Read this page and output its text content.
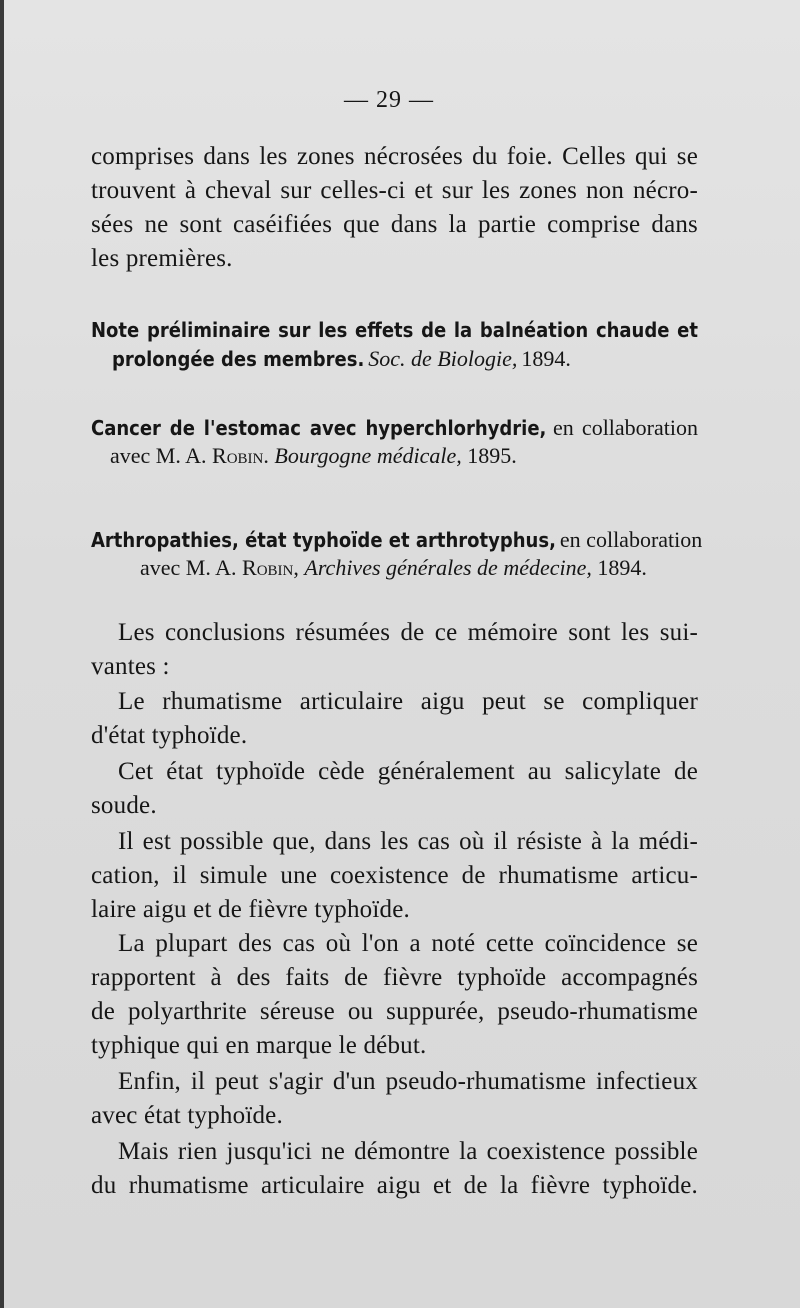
— 29 —

comprises dans les zones nécrosées du foie. Celles qui se

trouvent à cheval sur celles-ci et sur les zones non nécro-

sées ne sont caséifiées que dans la partie comprise dans

les premières.

Note préliminaire sur les effets de la balnéation chaude et

prolongée des membres. Soc. de Biologie, 1894.

Cancer de l'estomac avec hyperchlorhydrie, en collaboration

avec M. A. Robin. Bourgogne médicale, 1895.

Arthropathies, état typhoïde et arthrotyphus, en collaboration

avec M. A. Robin, Archives générales de médecine, 1894.

Les conclusions résumées de ce mémoire sont les sui-

vantes :

Le rhumatisme articulaire aigu peut se compliquer

d'état typhoïde.

Cet état typhoïde cède généralement au salicylate de

soude.

Il est possible que, dans les cas où il résiste à la médi-

cation, il simule une coexistence de rhumatisme articu-

laire aigu et de fièvre typhoïde.

La plupart des cas où l'on a noté cette coïncidence se

rapportent à des faits de fièvre typhoïde accompagnés

de polyarthrite séreuse ou suppurée, pseudo-rhumatisme

typhique qui en marque le début.

Enfin, il peut s'agir d'un pseudo-rhumatisme infectieux

avec état typhoïde.

Mais rien jusqu'ici ne démontre la coexistence possible

du rhumatisme articulaire aigu et de la fièvre typhoïde.
